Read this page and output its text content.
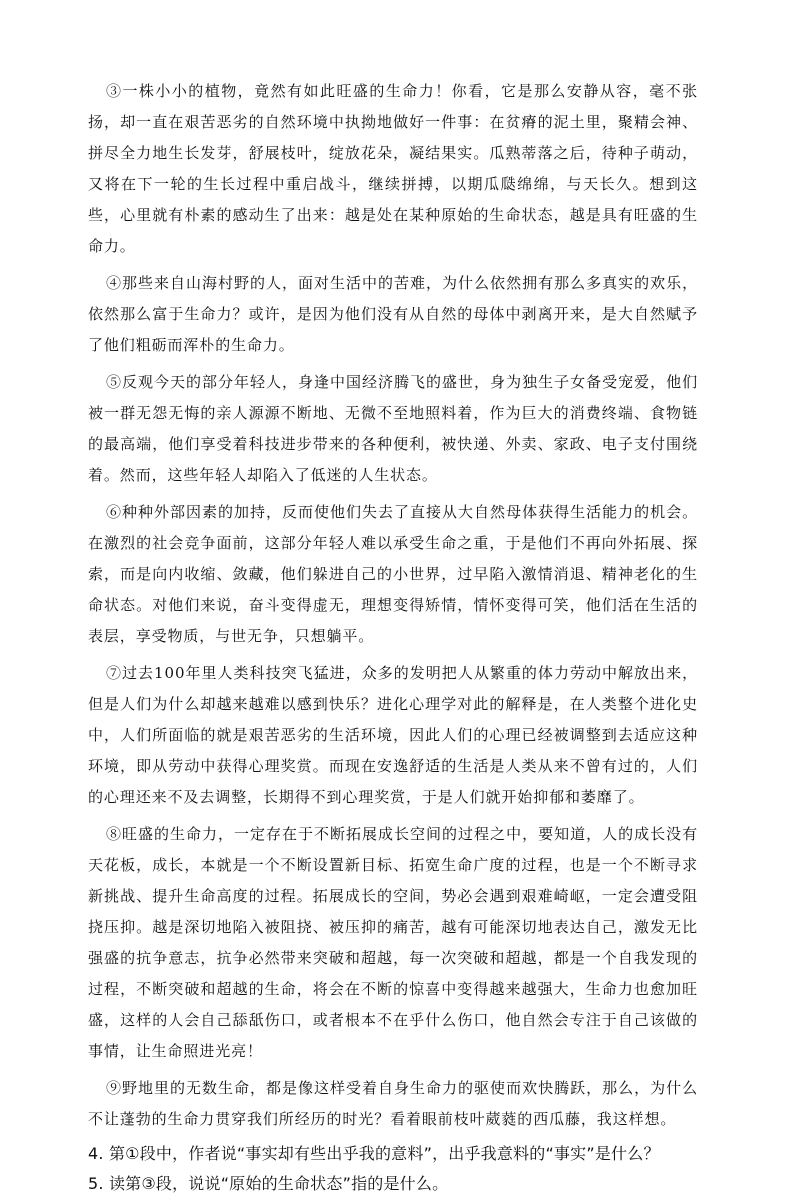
③一株小小的植物，竟然有如此旺盛的生命力！你看，它是那么安静从容，毫不张扬，却一直在艰苦恶劣的自然环境中执拗地做好一件事：在贫瘠的泥土里，聚精会神、拼尽全力地生长发芽，舒展枝叶，绽放花朵，凝结果实。瓜熟蒂落之后，待种子萌动，又将在下一轮的生长过程中重启战斗，继续拼搏，以期瓜瓞绵绵，与天长久。想到这些，心里就有朴素的感动生了出来：越是处在某种原始的生命状态，越是具有旺盛的生命力。

④那些来自山海村野的人，面对生活中的苦难，为什么依然拥有那么多真实的欢乐，依然那么富于生命力？或许，是因为他们没有从自然的母体中剥离开来，是大自然赋予了他们粗砺而浑朴的生命力。

⑤反观今天的部分年轻人，身逢中国经济腾飞的盛世，身为独生子女备受宠爱，他们被一群无怨无悔的亲人源源不断地、无微不至地照料着，作为巨大的消费终端、食物链的最高端，他们享受着科技进步带来的各种便利，被快递、外卖、家政、电子支付围绕着。然而，这些年轻人却陷入了低迷的人生状态。

⑥种种外部因素的加持，反而使他们失去了直接从大自然母体获得生活能力的机会。在激烈的社会竞争面前，这部分年轻人难以承受生命之重，于是他们不再向外拓展、探索，而是向内收缩、敛藏，他们躲进自己的小世界，过早陷入激情消退、精神老化的生命状态。对他们来说，奋斗变得虚无，理想变得矫情，情怀变得可笑，他们活在生活的表层，享受物质，与世无争，只想躺平。

⑦过去100年里人类科技突飞猛进，众多的发明把人从繁重的体力劳动中解放出来，但是人们为什么却越来越难以感到快乐？进化心理学对此的解释是，在人类整个进化史中，人们所面临的就是艰苦恶劣的生活环境，因此人们的心理已经被调整到去适应这种环境，即从劳动中获得心理奖赏。而现在安逸舒适的生活是人类从来不曾有过的，人们的心理还来不及去调整，长期得不到心理奖赏，于是人们就开始抑郁和萎靡了。

⑧旺盛的生命力，一定存在于不断拓展成长空间的过程之中，要知道，人的成长没有天花板，成长，本就是一个不断设置新目标、拓宽生命广度的过程，也是一个不断寻求新挑战、提升生命高度的过程。拓展成长的空间，势必会遇到艰难崎岖，一定会遭受阻挠压抑。越是深切地陷入被阻挠、被压抑的痛苦，越有可能深切地表达自己，激发无比强盛的抗争意志，抗争必然带来突破和超越，每一次突破和超越，都是一个自我发现的过程，不断突破和超越的生命，将会在不断的惊喜中变得越来越强大，生命力也愈加旺盛，这样的人会自己舔舐伤口，或者根本不在乎什么伤口，他自然会专注于自己该做的事情，让生命照进光亮！

⑨野地里的无数生命，都是像这样受着自身生命力的驱使而欢快腾跃，那么，为什么不让蓬勃的生命力贯穿我们所经历的时光？看着眼前枝叶葳蕤的西瓜藤，我这样想。

4. 第①段中，作者说“事实却有些出乎我的意料”，出乎我意料的“事实”是什么？

5. 读第③段，说说“原始的生命状态”指的是什么。
